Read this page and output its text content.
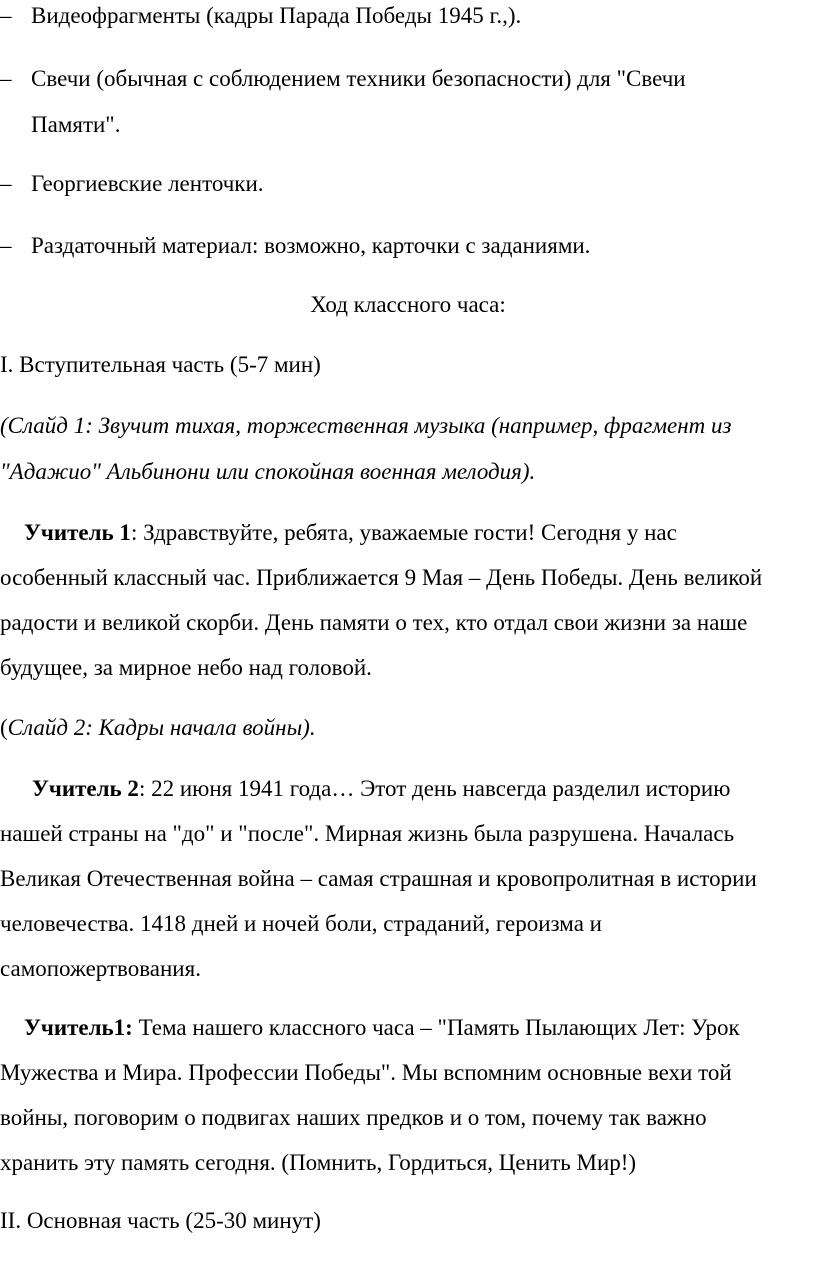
– Видеофрагменты (кадры Парада Победы 1945 г.,).
– Свечи (обычная с соблюдением техники безопасности) для "Свечи
Памяти".
– Георгиевские ленточки.
– Раздаточный материал: возможно, карточки с заданиями.
Ход классного часа:
I. Вступительная часть (5-7 мин)
(Слайд 1: Звучит тихая, торжественная музыка (например, фрагмент из
"Адажио" Альбинони или спокойная военная мелодия).
Учитель 1: Здравствуйте, ребята, уважаемые гости! Сегодня у нас
особенный классный час. Приближается 9 Мая – День Победы. День великой
радости и великой скорби. День памяти о тех, кто отдал свои жизни за наше
будущее, за мирное небо над головой.
(Слайд 2: Кадры начала войны).
Учитель 2: 22 июня 1941 года… Этот день навсегда разделил историю
нашей страны на "до" и "после". Мирная жизнь была разрушена. Началась
Великая Отечественная война – самая страшная и кровопролитная в истории
человечества. 1418 дней и ночей боли, страданий, героизма и
самопожертвования.
Учитель1: Тема нашего классного часа – "Память Пылающих Лет: Урок
Мужества и Мира. Профессии Победы". Мы вспомним основные вехи той
войны, поговорим о подвигах наших предков и о том, почему так важно
хранить эту память сегодня. (Помнить, Гордиться, Ценить Мир!)
II. Основная часть (25-30 минут)
